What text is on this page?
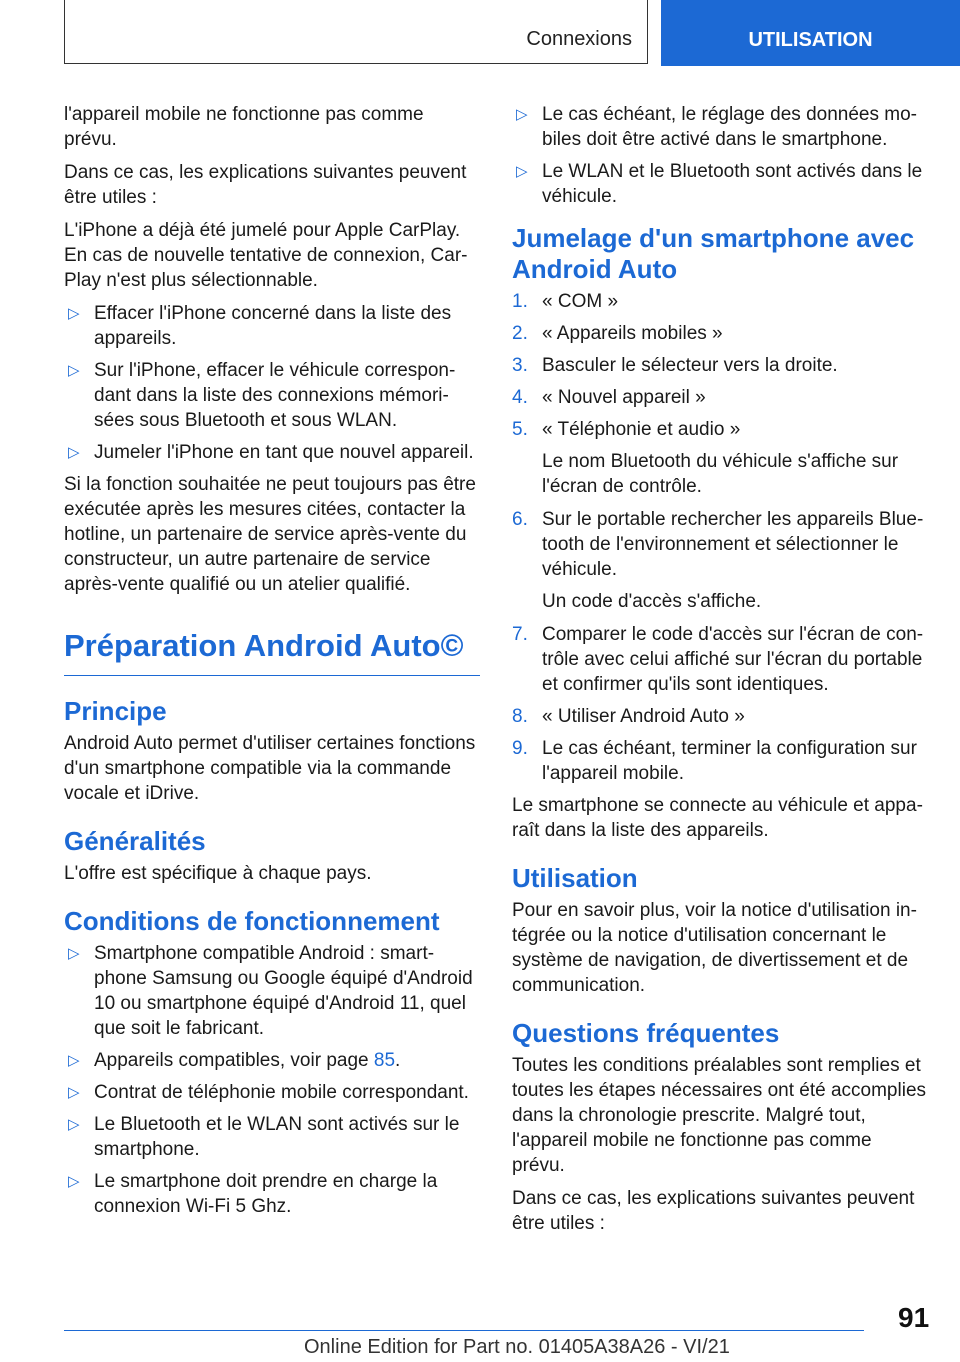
Connexions	UTILISATION

l'appareil mobile ne fonctionne pas comme prévu.

Dans ce cas, les explications suivantes peuvent être utiles :

L'iPhone a déjà été jumelé pour Apple CarPlay. En cas de nouvelle tentative de connexion, CarPlay n'est plus sélectionnable.

▷ Effacer l'iPhone concerné dans la liste des appareils.
▷ Sur l'iPhone, effacer le véhicule correspondant dans la liste des connexions mémorisées sous Bluetooth et sous WLAN.
▷ Jumeler l'iPhone en tant que nouvel appareil.

Si la fonction souhaitée ne peut toujours pas être exécutée après les mesures citées, contacter la hotline, un partenaire de service après-vente du constructeur, un autre partenaire de service après-vente qualifié ou un atelier qualifié.

Préparation Android Auto©
Principe

Android Auto permet d'utiliser certaines fonctions d'un smartphone compatible via la commande vocale et iDrive.

Généralités

L'offre est spécifique à chaque pays.

Conditions de fonctionnement
▷ Smartphone compatible Android : smartphone Samsung ou Google équipé d'Android 10 ou smartphone équipé d'Android 11, quel que soit le fabricant.
▷ Appareils compatibles, voir page 85.
▷ Contrat de téléphonie mobile correspondant.
▷ Le Bluetooth et le WLAN sont activés sur le smartphone.
▷ Le smartphone doit prendre en charge la connexion Wi-Fi 5 Ghz.
▷ Le cas échéant, le réglage des données mobiles doit être activé dans le smartphone.
▷ Le WLAN et le Bluetooth sont activés dans le véhicule.
Jumelage d'un smartphone avec Android Auto
1. « COM »
2. « Appareils mobiles »
3. Basculer le sélecteur vers la droite.
4. « Nouvel appareil »
5. « Téléphonie et audio »

Le nom Bluetooth du véhicule s'affiche sur l'écran de contrôle.

6. Sur le portable rechercher les appareils Bluetooth de l'environnement et sélectionner le véhicule.

Un code d'accès s'affiche.

7. Comparer le code d'accès sur l'écran de contrôle avec celui affiché sur l'écran du portable et confirmer qu'ils sont identiques.
8. « Utiliser Android Auto »
9. Le cas échéant, terminer la configuration sur l'appareil mobile.

Le smartphone se connecte au véhicule et apparaît dans la liste des appareils.

Utilisation

Pour en savoir plus, voir la notice d'utilisation intégrée ou la notice d'utilisation concernant le système de navigation, de divertissement et de communication.

Questions fréquentes

Toutes les conditions préalables sont remplies et toutes les étapes nécessaires ont été accomplies dans la chronologie prescrite. Malgré tout, l'appareil mobile ne fonctionne pas comme prévu.

Dans ce cas, les explications suivantes peuvent être utiles :

91
Online Edition for Part no. 01405A38A26 - VI/21
